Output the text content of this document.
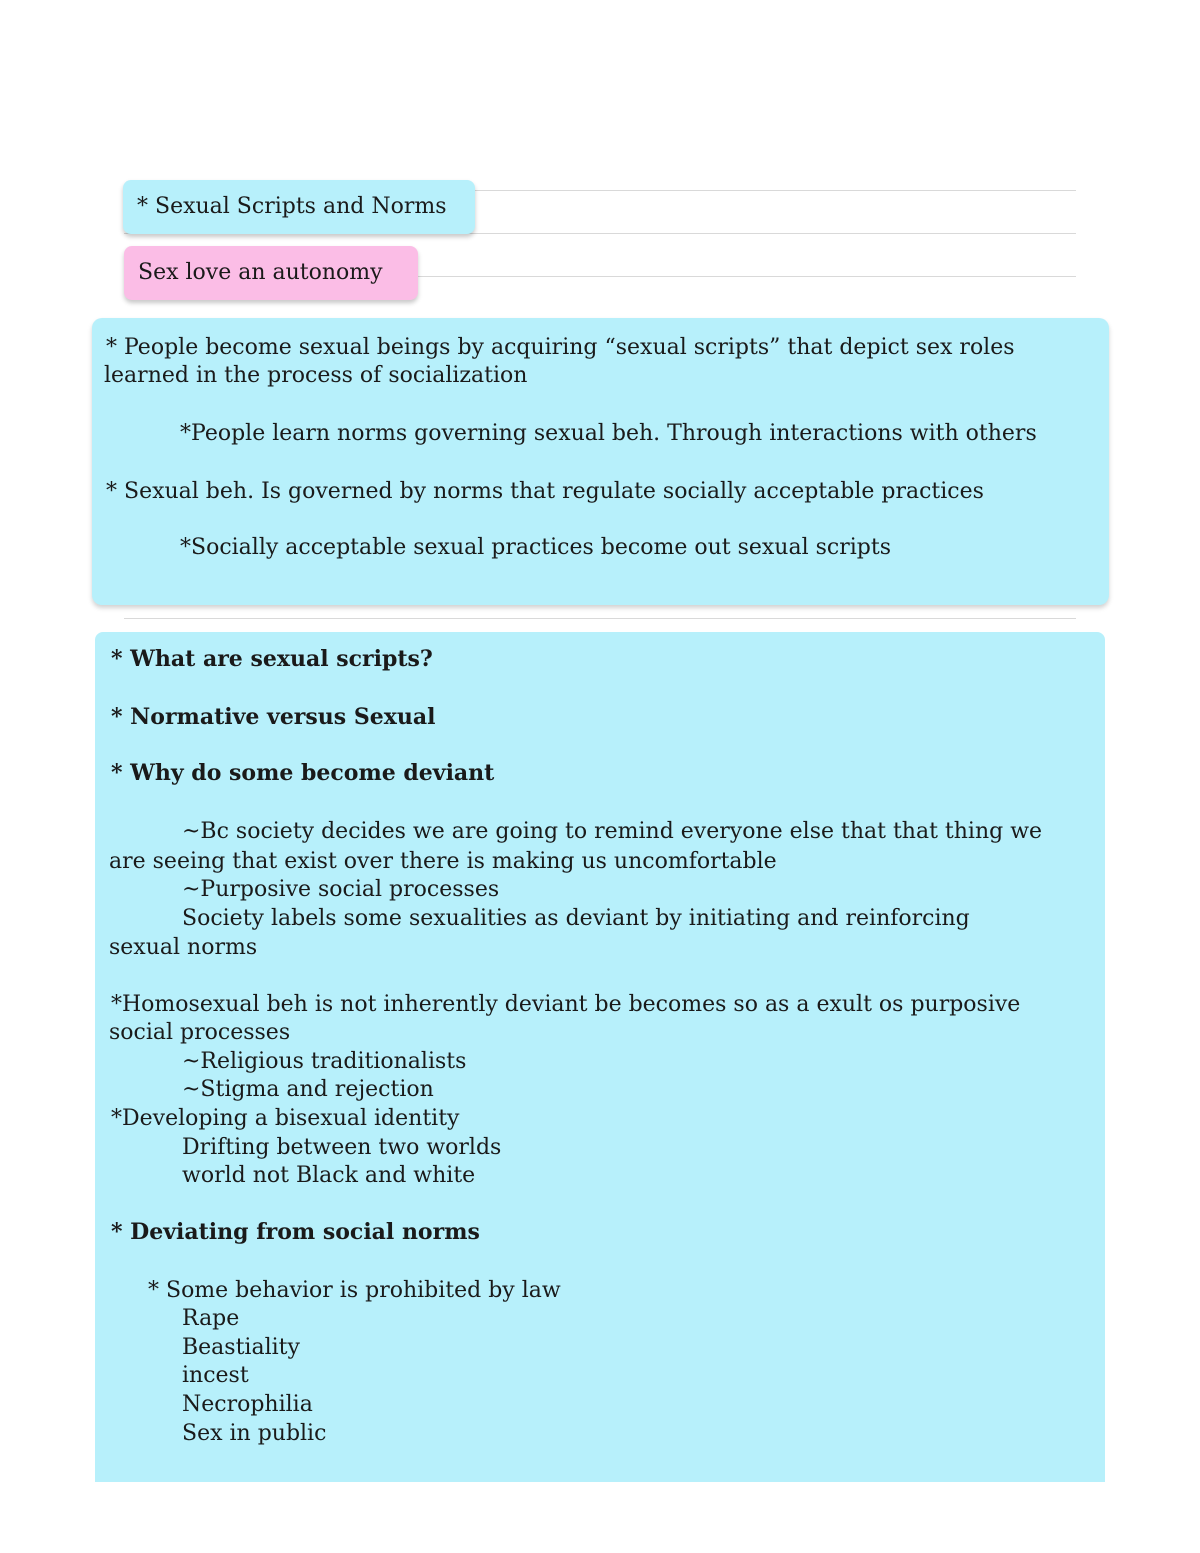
* Sexual Scripts and Norms
Sex love an autonomy
* People become sexual beings by acquiring “sexual scripts” that depict sex roles
learned in the process of socialization
*People learn norms governing sexual beh. Through interactions with others
* Sexual beh. Is governed by norms that regulate socially acceptable practices
*Socially acceptable sexual practices become out sexual scripts
* What are sexual scripts?
* Normative versus Sexual
* Why do some become deviant
~Bc society decides we are going to remind everyone else that that thing we
are seeing that exist over there is making us uncomfortable
~Purposive social processes
Society labels some sexualities as deviant by initiating and reinforcing
sexual norms
*Homosexual beh is not inherently deviant be becomes so as a exult os purposive
social processes
~Religious traditionalists
~Stigma and rejection
*Developing a bisexual identity
Drifting between two worlds
world not Black and white
* Deviating from social norms
* Some behavior is prohibited by law
Rape
Beastiality
incest
Necrophilia
Sex in public
